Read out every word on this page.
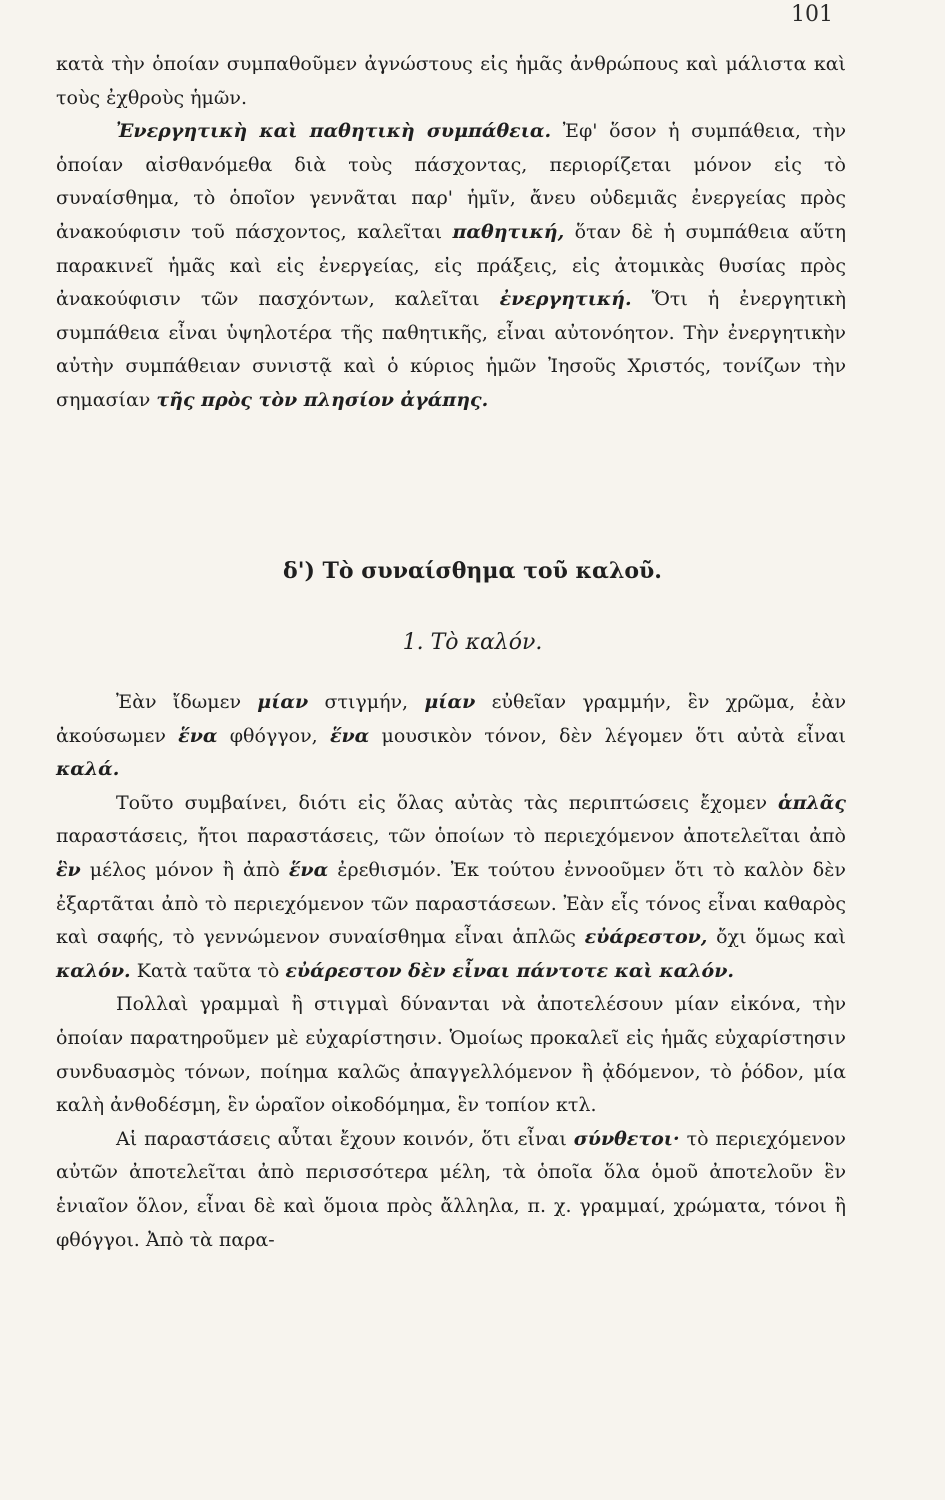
101

κατὰ τὴν ὁποίαν συμπαθοῦμεν ἀγνώστους εἰς ἡμᾶς ἀνθρώπους καὶ μάλιστα καὶ τοὺς ἐχθροὺς ἡμῶν.

Ἐνεργητικὴ καὶ παθητικὴ συμπάθεια. Ἐφ' ὅσον ἡ συμπάθεια, τὴν ὁποίαν αἰσθανόμεθα διὰ τοὺς πάσχοντας, περιορίζεται μόνον εἰς τὸ συναίσθημα, τὸ ὁποῖον γεννᾶται παρ' ἡμῖν, ἄνευ οὐδεμιᾶς ἐνεργείας πρὸς ἀνακούφισιν τοῦ πάσχοντος, καλεῖται παθητική, ὅταν δὲ ἡ συμπάθεια αὕτη παρακινεῖ ἡμᾶς καὶ εἰς ἐνεργείας, εἰς πράξεις, εἰς ἀτομικὰς θυσίας πρὸς ἀνακούφισιν τῶν πασχόντων, καλεῖται ἐνεργητική. Ὅτι ἡ ἐνεργητικὴ συμπάθεια εἶναι ὑψηλοτέρα τῆς παθητικῆς, εἶναι αὐτονόητον. Τὴν ἐνεργητικὴν αὐτὴν συμπάθειαν συνιστᾷ καὶ ὁ κύριος ἡμῶν Ἰησοῦς Χριστός, τονίζων τὴν σημασίαν τῆς πρὸς τὸν πλησίον ἀγάπης.

δ') Τὸ συναίσθημα τοῦ καλοῦ.
1. Τὸ καλόν.

Ἐὰν ἴδωμεν μίαν στιγμήν, μίαν εὐθεῖαν γραμμήν, ἓν χρῶμα, ἐὰν ἀκούσωμεν ἕνα φθόγγον, ἕνα μουσικὸν τόνον, δὲν λέγομεν ὅτι αὐτὰ εἶναι καλά.

Τοῦτο συμβαίνει, διότι εἰς ὅλας αὐτὰς τὰς περιπτώσεις ἔχομεν ἁπλᾶς παραστάσεις, ἤτοι παραστάσεις, τῶν ὁποίων τὸ περιεχόμενον ἀποτελεῖται ἀπὸ ἓν μέλος μόνον ἢ ἀπὸ ἕνα ἐρεθισμόν. Ἐκ τούτου ἐννοοῦμεν ὅτι τὸ καλὸν δὲν ἐξαρτᾶται ἀπὸ τὸ περιεχόμενον τῶν παραστάσεων. Ἐὰν εἷς τόνος εἶναι καθαρὸς καὶ σαφής, τὸ γεννώμενον συναίσθημα εἶναι ἁπλῶς εὐάρεστον, ὄχι ὅμως καὶ καλόν. Κατὰ ταῦτα τὸ εὐάρεστον δὲν εἶναι πάντοτε καὶ καλόν.

Πολλαὶ γραμμαὶ ἢ στιγμαὶ δύνανται νὰ ἀποτελέσουν μίαν εἰκόνα, τὴν ὁποίαν παρατηροῦμεν μὲ εὐχαρίστησιν. Ὁμοίως προκαλεῖ εἰς ἡμᾶς εὐχαρίστησιν συνδυασμὸς τόνων, ποίημα καλῶς ἀπαγγελλόμενον ἢ ᾀδόμενον, τὸ ῥόδον, μία καλὴ ἀνθοδέσμη, ἓν ὡραῖον οἰκοδόμημα, ἓν τοπίον κτλ.

Αἱ παραστάσεις αὗται ἔχουν κοινόν, ὅτι εἶναι σύνθετοι· τὸ περιεχόμενον αὐτῶν ἀποτελεῖται ἀπὸ περισσότερα μέλη, τὰ ὁποῖα ὅλα ὁμοῦ ἀποτελοῦν ἓν ἑνιαῖον ὅλον, εἶναι δὲ καὶ ὅμοια πρὸς ἄλληλα, π. χ. γραμμαί, χρώματα, τόνοι ἢ φθόγγοι. Ἀπὸ τὰ παρα-
